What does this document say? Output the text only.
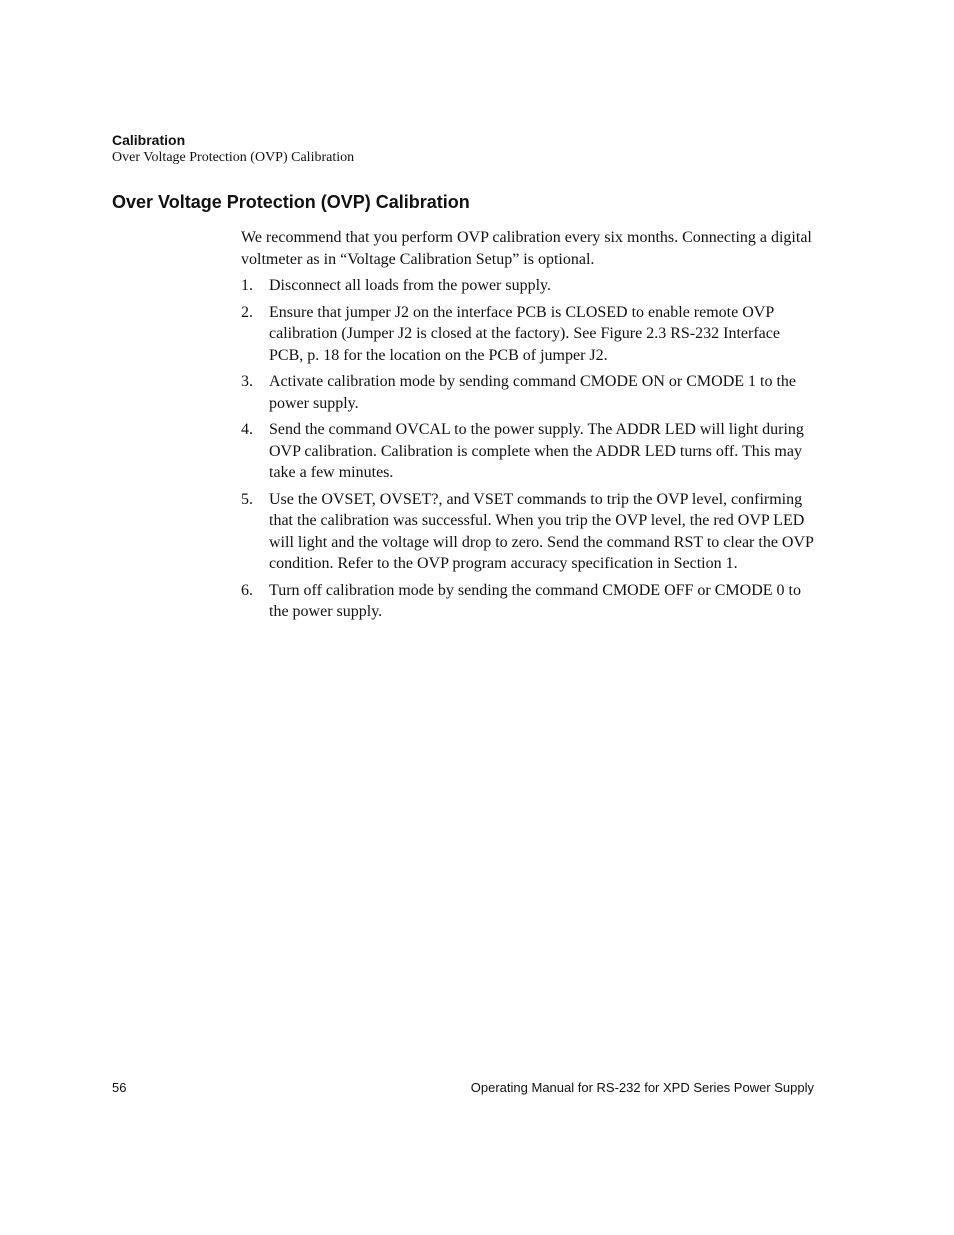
Calibration
Over Voltage Protection (OVP) Calibration
Over Voltage Protection (OVP) Calibration

We recommend that you perform OVP calibration every six months. Connecting a digital voltmeter as in “Voltage Calibration Setup” is optional.

1.	Disconnect all loads from the power supply.
2.	Ensure that jumper J2 on the interface PCB is CLOSED to enable remote OVP calibration (Jumper J2 is closed at the factory). See Figure 2.3 RS-232 Interface PCB, p. 18 for the location on the PCB of jumper J2.
3.	Activate calibration mode by sending command CMODE ON or CMODE 1 to the power supply.
4.	Send the command OVCAL to the power supply. The ADDR LED will light during OVP calibration. Calibration is complete when the ADDR LED turns off. This may take a few minutes.
5.	Use the OVSET, OVSET?, and VSET commands to trip the OVP level, confirming that the calibration was successful. When you trip the OVP level, the red OVP LED will light and the voltage will drop to zero. Send the command RST to clear the OVP condition. Refer to the OVP program accuracy specification in Section 1.
6.	Turn off calibration mode by sending the command CMODE OFF or CMODE 0 to the power supply.
56	Operating Manual for RS-232 for XPD Series Power Supply
